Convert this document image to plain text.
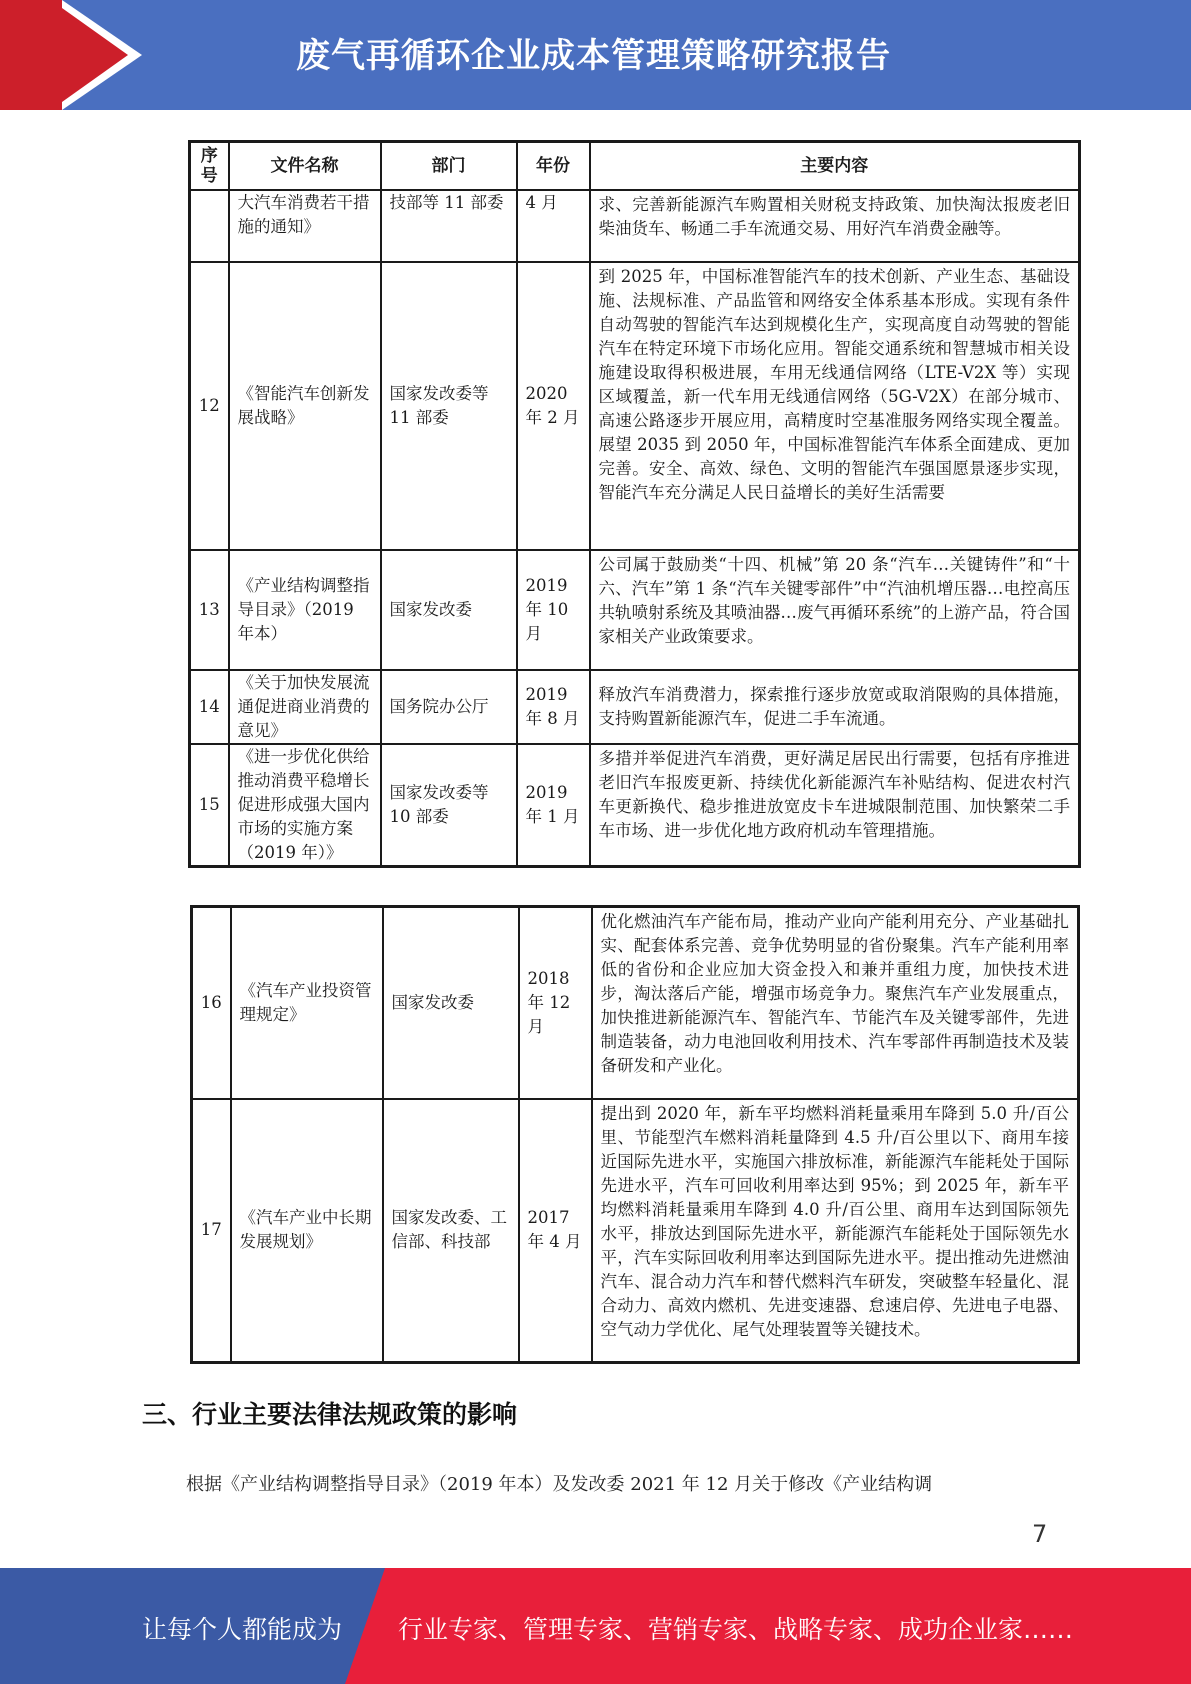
废气再循环企业成本管理策略研究报告
序号	文件名称	部门	年份	主要内容
	大汽车消费若干措施的通知》	技部等 11 部委	4 月	求、完善新能源汽车购置相关财税支持政策、加快淘汰报废老旧柴油货车、畅通二手车流通交易、用好汽车消费金融等。
12	《智能汽车创新发展战略》	国家发改委等 11 部委	2020 年 2 月	到 2025 年，中国标准智能汽车的技术创新、产业生态、基础设施、法规标准、产品监管和网络安全体系基本形成。实现有条件自动驾驶的智能汽车达到规模化生产，实现高度自动驾驶的智能汽车在特定环境下市场化应用。智能交通系统和智慧城市相关设施建设取得积极进展，车用无线通信网络（LTE-V2X 等）实现区域覆盖，新一代车用无线通信网络（5G-V2X）在部分城市、高速公路逐步开展应用，高精度时空基准服务网络实现全覆盖。展望 2035 到 2050 年，中国标准智能汽车体系全面建成、更加完善。安全、高效、绿色、文明的智能汽车强国愿景逐步实现，智能汽车充分满足人民日益增长的美好生活需要
13	《产业结构调整指导目录》（2019 年本）	国家发改委	2019 年 10 月	公司属于鼓励类“十四、机械”第 20 条“汽车…关键铸件”和“十六、汽车”第 1 条“汽车关键零部件”中“汽油机增压器…电控高压共轨喷射系统及其喷油器…废气再循环系统”的上游产品，符合国家相关产业政策要求。
14	《关于加快发展流通促进商业消费的意见》	国务院办公厅	2019 年 8 月	释放汽车消费潜力，探索推行逐步放宽或取消限购的具体措施，支持购置新能源汽车，促进二手车流通。
15	《进一步优化供给推动消费平稳增长促进形成强大国内市场的实施方案（2019 年）》	国家发改委等 10 部委	2019 年 1 月	多措并举促进汽车消费，更好满足居民出行需要，包括有序推进老旧汽车报废更新、持续优化新能源汽车补贴结构、促进农村汽车更新换代、稳步推进放宽皮卡车进城限制范围、加快繁荣二手车市场、进一步优化地方政府机动车管理措施。
16	《汽车产业投资管理规定》	国家发改委	2018 年 12 月	优化燃油汽车产能布局，推动产业向产能利用充分、产业基础扎实、配套体系完善、竞争优势明显的省份聚集。汽车产能利用率低的省份和企业应加大资金投入和兼并重组力度，加快技术进步，淘汰落后产能，增强市场竞争力。聚焦汽车产业发展重点，加快推进新能源汽车、智能汽车、节能汽车及关键零部件，先进制造装备，动力电池回收利用技术、汽车零部件再制造技术及装备研发和产业化。
17	《汽车产业中长期发展规划》	国家发改委、工信部、科技部	2017 年 4 月	提出到 2020 年，新车平均燃料消耗量乘用车降到 5.0 升/百公里、节能型汽车燃料消耗量降到 4.5 升/百公里以下、商用车接近国际先进水平，实施国六排放标准，新能源汽车能耗处于国际先进水平，汽车可回收利用率达到 95%；到 2025 年，新车平均燃料消耗量乘用车降到 4.0 升/百公里、商用车达到国际领先水平，排放达到国际先进水平，新能源汽车能耗处于国际领先水平，汽车实际回收利用率达到国际先进水平。提出推动先进燃油汽车、混合动力汽车和替代燃料汽车研发，突破整车轻量化、混合动力、高效内燃机、先进变速器、怠速启停、先进电子电器、空气动力学优化、尾气处理装置等关键技术。
三、行业主要法律法规政策的影响
根据《产业结构调整指导目录》（2019 年本）及发改委 2021 年 12 月关于修改《产业结构调
7
让每个人都能成为 行业专家、管理专家、营销专家、战略专家、成功企业家……
